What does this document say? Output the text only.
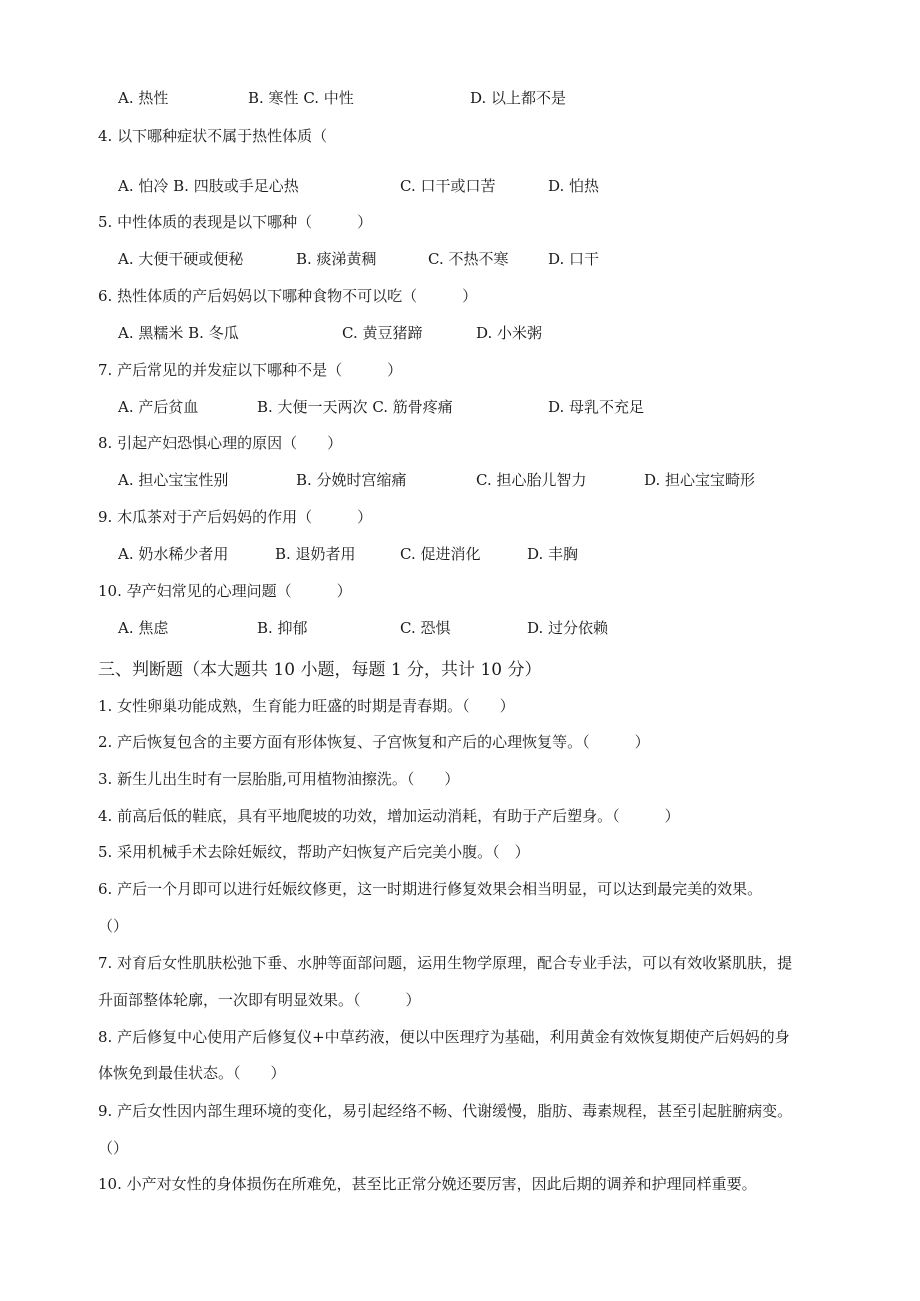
A. 热性	B. 寒性 C. 中性	D. 以上都不是
4. 以下哪种症状不属于热性体质（
A. 怕冷 B. 四肢或手足心热	C. 口干或口苦	D. 怕热
5. 中性体质的表现是以下哪种（　　　）
A. 大便干硬或便秘	B. 痰涕黄稠	C. 不热不寒	D. 口干
6. 热性体质的产后妈妈以下哪种食物不可以吃（　　　）
A. 黑糯米 B. 冬瓜	C. 黄豆猪蹄	D. 小米粥
7. 产后常见的并发症以下哪种不是（　　　）
A. 产后贫血	B. 大便一天两次 C. 筋骨疼痛	D. 母乳不充足
8. 引起产妇恐惧心理的原因（　　）
A. 担心宝宝性别	B. 分娩时宫缩痛	C. 担心胎儿智力	D. 担心宝宝畸形
9. 木瓜茶对于产后妈妈的作用（　　　）
A. 奶水稀少者用	B. 退奶者用	C. 促进消化	D. 丰胸
10. 孕产妇常见的心理问题（　　　）
A. 焦虑	B. 抑郁	C. 恐惧	D. 过分依赖
三、判断题（本大题共 10 小题，每题 1 分，共计 10 分）
1. 女性卵巢功能成熟，生育能力旺盛的时期是青春期。（　　）
2. 产后恢复包含的主要方面有形体恢复、子宫恢复和产后的心理恢复等。（　　　）
3. 新生儿出生时有一层胎脂,可用植物油擦洗。（　　）
4. 前高后低的鞋底，具有平地爬坡的功效，增加运动消耗，有助于产后塑身。（　　　）
5. 采用机械手术去除妊娠纹，帮助产妇恢复产后完美小腹。（　）
6. 产后一个月即可以进行妊娠纹修更，这一时期进行修复效果会相当明显，可以达到最完美的效果。
（）
7. 对育后女性肌肤松弛下垂、水肿等面部问题，运用生物学原理，配合专业手法，可以有效收紧肌肤，提
升面部整体轮廓，一次即有明显效果。（　　　）
8. 产后修复中心使用产后修复仪+中草药液，便以中医理疗为基础，利用黄金有效恢复期使产后妈妈的身
体恢免到最佳状态。（　　）
9. 产后女性因内部生理环境的变化，易引起经络不畅、代谢缓慢，脂肪、毒素规程，甚至引起脏腑病变。
（）
10. 小产对女性的身体损伤在所难免，甚至比正常分娩还要厉害，因此后期的调养和护理同样重要。
